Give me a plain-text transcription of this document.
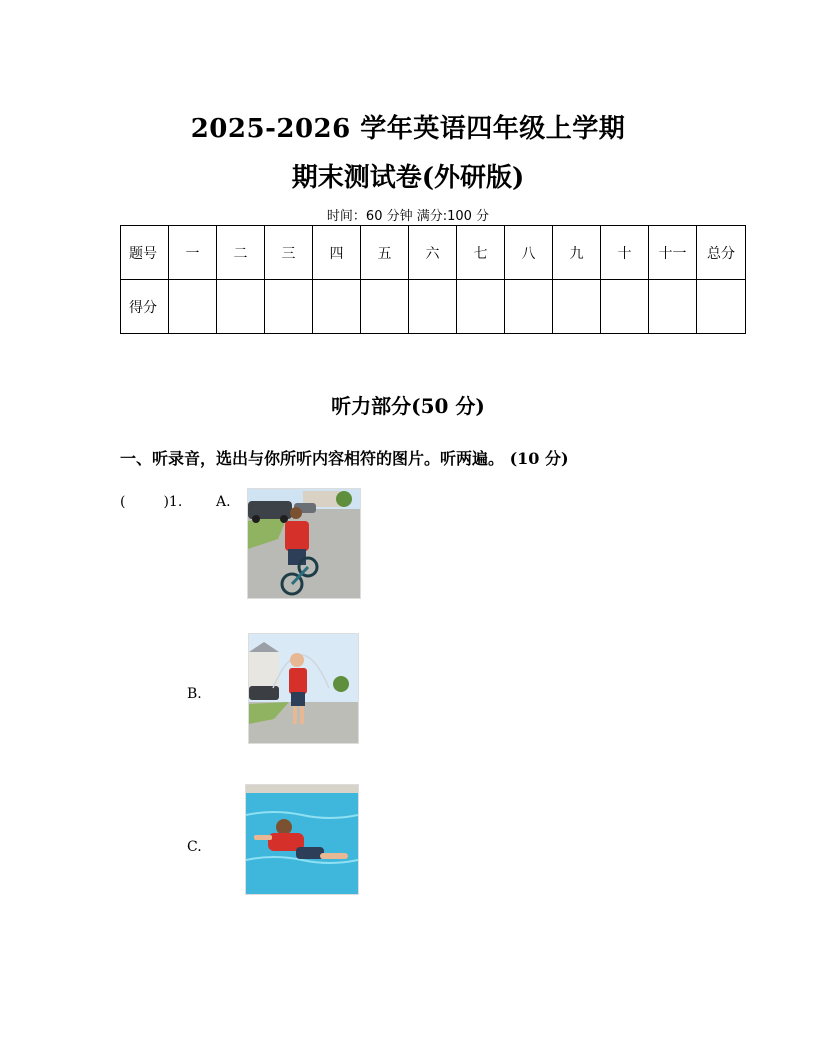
2025-2026 学年英语四年级上学期
期末测试卷(外研版)
时间：60 分钟 满分:100 分
题号	一	二	三	四	五	六	七	八	九	十	十一	总分
得分												
听力部分(50 分)
一、听录音，选出与你所听内容相符的图片。听两遍。 (10 分)
(	)1. A.
B.
C.
